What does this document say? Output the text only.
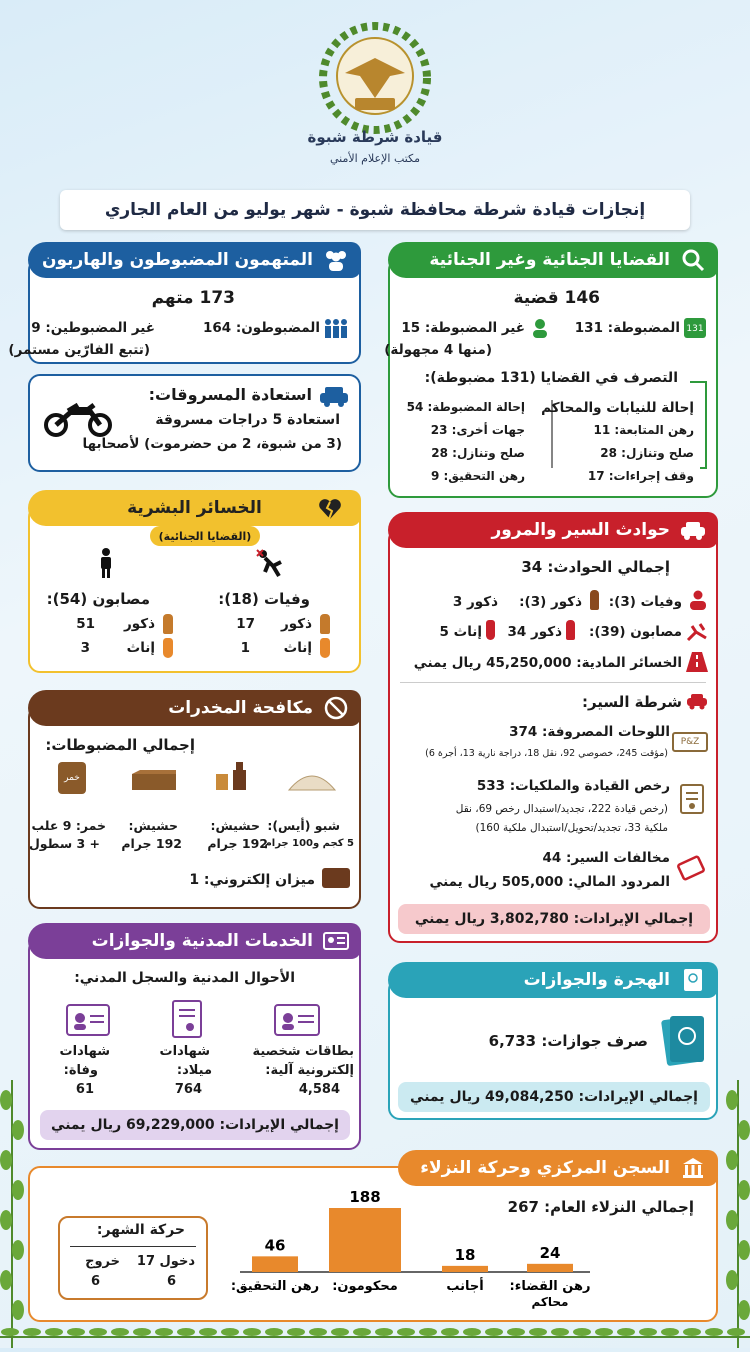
قيادة شرطة شبوة
مكتب الإعلام الأمني
إنجازات قيادة شرطة محافظة شبوة - شهر يوليو من العام الجاري
القضايا الجنائية وغير الجنائية
146 قضية
131
المضبوطة: 131
غير المضبوطة: 15
(منها 4 مجهولة)
التصرف في القضايا (131 مضبوطة):
إحالة للنيابات والمحاكم
رهن المتابعة: 11
صلح وتنازل: 28
وقف إجراءات: 17
إحالة المضبوطة: 54
جهات أخرى: 23
صلح وتنازل: 28
رهن التحقيق: 9
المتهمون المضبوطون والهاربون
173 متهم
المضبوطون: 164
غير المضبوطين: 9
(تتبع الفارّين مستمر)
استعادة المسروقات:
استعادة 5 دراجات مسروقة
(3 من شبوة، 2 من حضرموت) لأصحابها
الخسائر البشرية
(القضايا الجنائية)
وفيات (18):
مصابون (54):
ذكور
17
إناث
1
ذكور
51
إناث
3
حوادث السير والمرور
إجمالي الحوادث: 34
وفيات (3):
ذكور (3):
ذكور 3
مصابون (39):
ذكور 34
إناث 5
الخسائر المادية: 45,250,000 ريال يمني
شرطة السير:
P&Z
اللوحات المصروفة: 374
(مؤقت 245، خصوصي 92، نقل 18، دراجة نارية 13، أجرة 6)
رخص القيادة والملكيات: 533
(رخص قيادة 222، تجديد/استبدال رخص 69، نقل
ملكية 33، تجديد/تحويل/استبدال ملكية 160)
مخالفات السير: 44
المردود المالي: 505,000 ريال يمني
إجمالي الإيرادات: 3,802,780 ريال يمني
مكافحة المخدرات
إجمالي المضبوطات:
خمر
شبو (أيس):
5 كجم و100 جرام
حشيش:
192 جرام
حشيش:
192 جرام
خمر: 9 علب
+ 3 سطول
ميزان إلكتروني: 1
الخدمات المدنية والجوازات
الأحوال المدنية والسجل المدني:
بطاقات شخصية
إلكترونية آلية:
4,584
شهادات
ميلاد:
764
شهادات
وفاة:
61
إجمالي الإيرادات: 69,229,000 ريال يمني
الهجرة والجوازات
صرف جوازات: 6,733
إجمالي الإيرادات: 49,084,250 ريال يمني
السجن المركزي وحركة النزلاء
إجمالي النزلاء العام: 267
24
رهن القضاء:
محاكم
18
أجانب
188
محكومون:
46
رهن التحقيق:
حركة الشهر:
دخول 17
6
خروج
6
